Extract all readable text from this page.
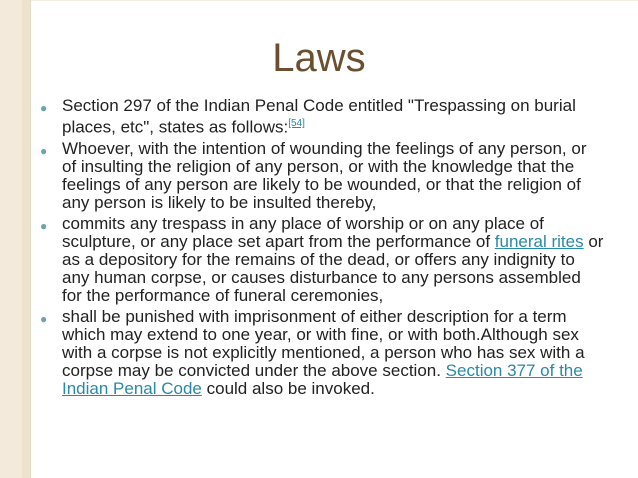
Laws
● Section 297 of the Indian Penal Code entitled "Trespassing on burial places, etc", states as follows:[54]
● Whoever, with the intention of wounding the feelings of any person, or of insulting the religion of any person, or with the knowledge that the feelings of any person are likely to be wounded, or that the religion of any person is likely to be insulted thereby,
● commits any trespass in any place of worship or on any place of sculpture, or any place set apart from the performance of funeral rites or as a depository for the remains of the dead, or offers any indignity to any human corpse, or causes disturbance to any persons assembled for the performance of funeral ceremonies,
● shall be punished with imprisonment of either description for a term which may extend to one year, or with fine, or with both.Although sex with a corpse is not explicitly mentioned, a person who has sex with a corpse may be convicted under the above section. Section 377 of the Indian Penal Code could also be invoked.
